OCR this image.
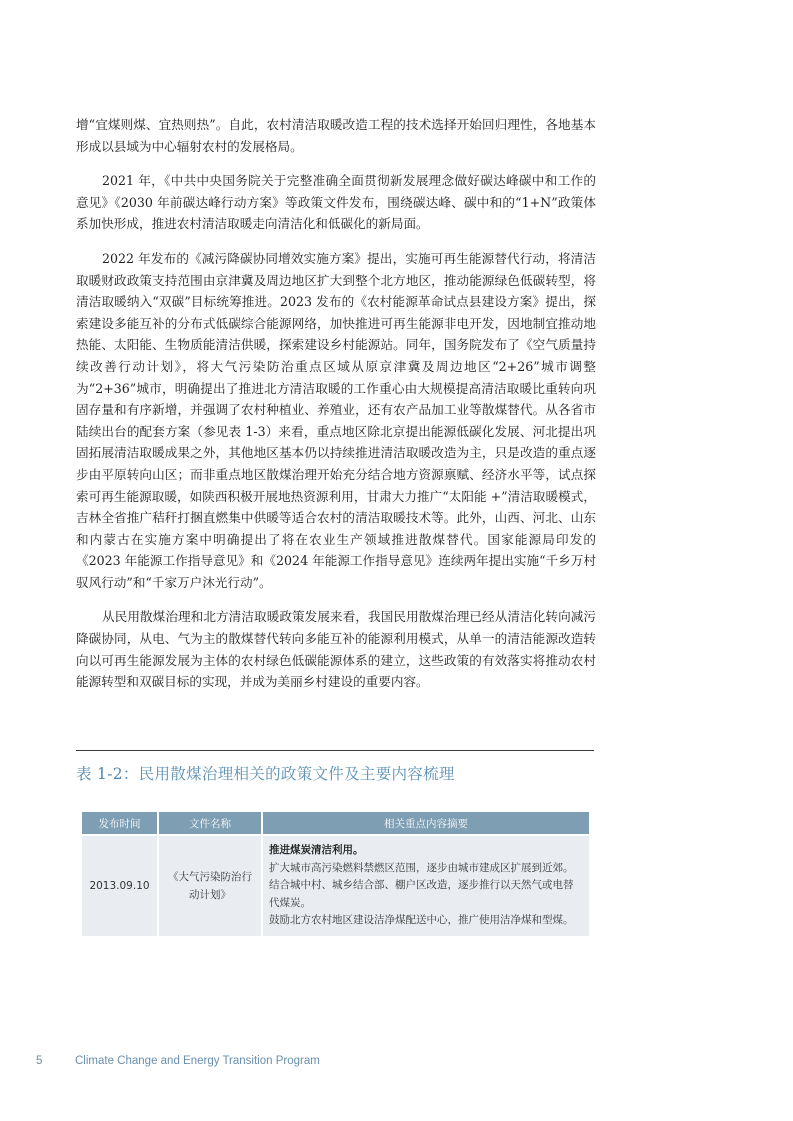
增“宜煤则煤、宜热则热”。自此，农村清洁取暖改造工程的技术选择开始回归理性，各地基本形成以县域为中心辐射农村的发展格局。

2021 年，《中共中央国务院关于完整准确全面贯彻新发展理念做好碳达峰碳中和工作的意见》《2030 年前碳达峰行动方案》等政策文件发布，围绕碳达峰、碳中和的“1+N”政策体系加快形成，推进农村清洁取暖走向清洁化和低碳化的新局面。

2022 年发布的《减污降碳协同增效实施方案》提出，实施可再生能源替代行动，将清洁取暖财政政策支持范围由京津冀及周边地区扩大到整个北方地区，推动能源绿色低碳转型，将清洁取暖纳入“双碳”目标统筹推进。2023 发布的《农村能源革命试点县建设方案》提出，探索建设多能互补的分布式低碳综合能源网络，加快推进可再生能源非电开发，因地制宜推动地热能、太阳能、生物质能清洁供暖，探索建设乡村能源站。同年，国务院发布了《空气质量持续改善行动计划》，将大气污染防治重点区域从原京津冀及周边地区“2+26”城市调整为“2+36”城市，明确提出了推进北方清洁取暖的工作重心由大规模提高清洁取暖比重转向巩固存量和有序新增，并强调了农村种植业、养殖业，还有农产品加工业等散煤替代。从各省市陆续出台的配套方案（参见表 1-3）来看，重点地区除北京提出能源低碳化发展、河北提出巩固拓展清洁取暖成果之外，其他地区基本仍以持续推进清洁取暖改造为主，只是改造的重点逐步由平原转向山区；而非重点地区散煤治理开始充分结合地方资源禀赋、经济水平等，试点探索可再生能源取暖，如陕西积极开展地热资源利用，甘肃大力推广“太阳能 +”清洁取暖模式，吉林全省推广秸秆打捆直燃集中供暖等适合农村的清洁取暖技术等。此外，山西、河北、山东和内蒙古在实施方案中明确提出了将在农业生产领域推进散煤替代。国家能源局印发的《2023 年能源工作指导意见》和《2024 年能源工作指导意见》连续两年提出实施“千乡万村驭风行动”和“千家万户沐光行动”。

从民用散煤治理和北方清洁取暖政策发展来看，我国民用散煤治理已经从清洁化转向减污降碳协同，从电、气为主的散煤替代转向多能互补的能源利用模式，从单一的清洁能源改造转向以可再生能源发展为主体的农村绿色低碳能源体系的建立，这些政策的有效落实将推动农村能源转型和双碳目标的实现，并成为美丽乡村建设的重要内容。

表 1-2：民用散煤治理相关的政策文件及主要内容梳理
发布时间	文件名称	相关重点内容摘要
2013.09.10	《大气污染防治行动计划》	推进煤炭清洁利用。
扩大城市高污染燃料禁燃区范围，逐步由城市建成区扩展到近郊。结合城中村、城乡结合部、棚户区改造，逐步推行以天然气或电替代煤炭。
鼓励北方农村地区建设洁净煤配送中心，推广使用洁净煤和型煤。
5	Climate Change and Energy Transition Program
